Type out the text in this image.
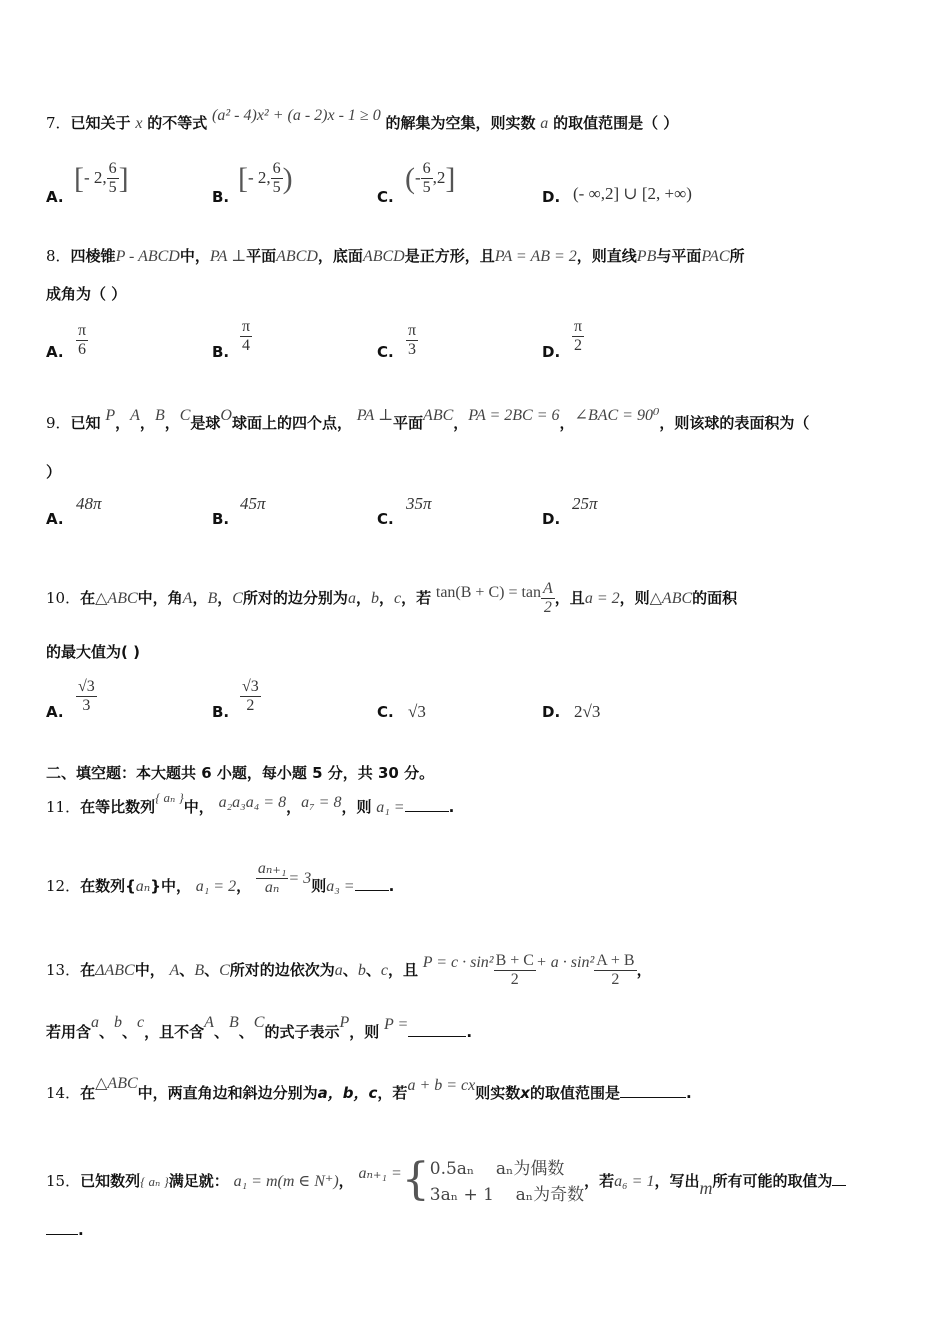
7．已知关于 x 的不等式 (a² - 4)x² + (a - 2)x - 1 ≥ 0 的解集为空集，则实数 a 的取值范围是（ ）
A.
[- 2, $\frac{6}{5}$ ]
B.
[- 2, $\frac{6}{5}$ )
C.
(- $\frac{6}{5} ,2$]
D. (- ∞,2] ∪ [2, +∞)
8．四棱锥P - ABCD中，PA ⊥平面ABCD，底面ABCD是正方形，且PA = AB = 2，则直线PB与平面PAC所
成角为（ ）
A. $\frac{\pi}{6}$	B. $\frac{\pi}{4}$	C. $\frac{\pi}{3}$	D. $\frac{\pi}{2}$
9．已知 P，A，B，C是球O球面上的四个点， PA ⊥平面ABC，PA = 2BC = 6，∠BAC = 90⁰，则该球的表面积为（
）
A.
48π
B.
45π
C.
35π
D.
25π
10．在△ABC中，角A，B，C所对的边分别为a，b，c，若 $\tan(B + C) = \tan \frac{A}{2}$ ，且a = 2，则△ABC的面积
的最大值为( )
A. $\frac{√3}{3}$	B. $\frac{√3}{2}$	C. √3	D. 2√3
二、填空题：本大题共 6 小题，每小题 5 分，共 30 分。
11．在等比数列{ aₙ }中， a₂a₃a₄ = 8，a₇ = 8，则 a₁ =	.
12．在数列{aₙ}中， a₁ = 2， $\frac{\text{aₙ₊₁}}{\text{aₙ}} = 3$则a₃ = .
13．在ΔABC中， A、B、C所对的边依次为a、b、c，且 $P = c \cdot \sin^2 \frac{B + C}{2} + a \cdot \sin^2 \frac{A + B}{2}$ ，
若用含a、b、c，且不含A、B、C的式子表示P，则 P =	.
14．在△ABC中，两直角边和斜边分别为a，b，c，若a + b = cx则实数x的取值范围是	.
15．已知数列{ aₙ }满足就： a₁ = m(m ∈ N⁺)， aₙ₊₁ ={ 0.5aₙ aₙ为偶数
3aₙ + 1 aₙ为奇数
，若a₆ = 1，写出m所有可能的取值为
.
